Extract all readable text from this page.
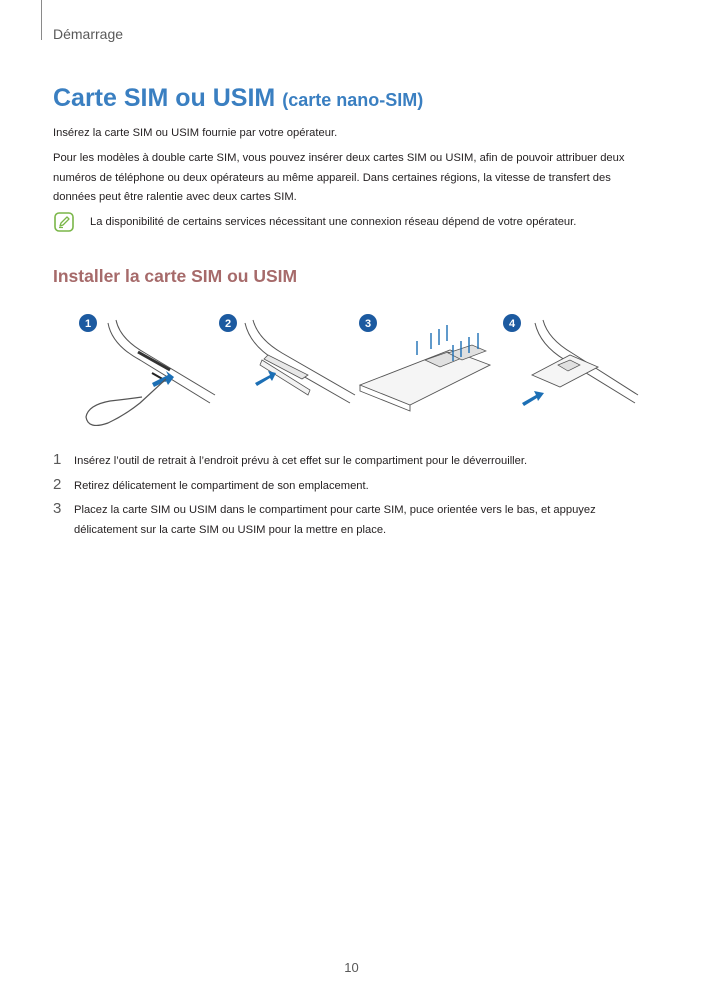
Démarrage
Carte SIM ou USIM (carte nano-SIM)

Insérez la carte SIM ou USIM fournie par votre opérateur.

Pour les modèles à double carte SIM, vous pouvez insérer deux cartes SIM ou USIM, afin de pouvoir attribuer deux numéros de téléphone ou deux opérateurs au même appareil. Dans certaines régions, la vitesse de transfert des données peut être ralentie avec deux cartes SIM.

La disponibilité de certains services nécessitant une connexion réseau dépend de votre opérateur.

Installer la carte SIM ou USIM
1	2	3	4
1 Insérez l’outil de retrait à l’endroit prévu à cet effet sur le compartiment pour le déverrouiller.
2 Retirez délicatement le compartiment de son emplacement.
3 Placez la carte SIM ou USIM dans le compartiment pour carte SIM, puce orientée vers le bas, et appuyez délicatement sur la carte SIM ou USIM pour la mettre en place.
10
